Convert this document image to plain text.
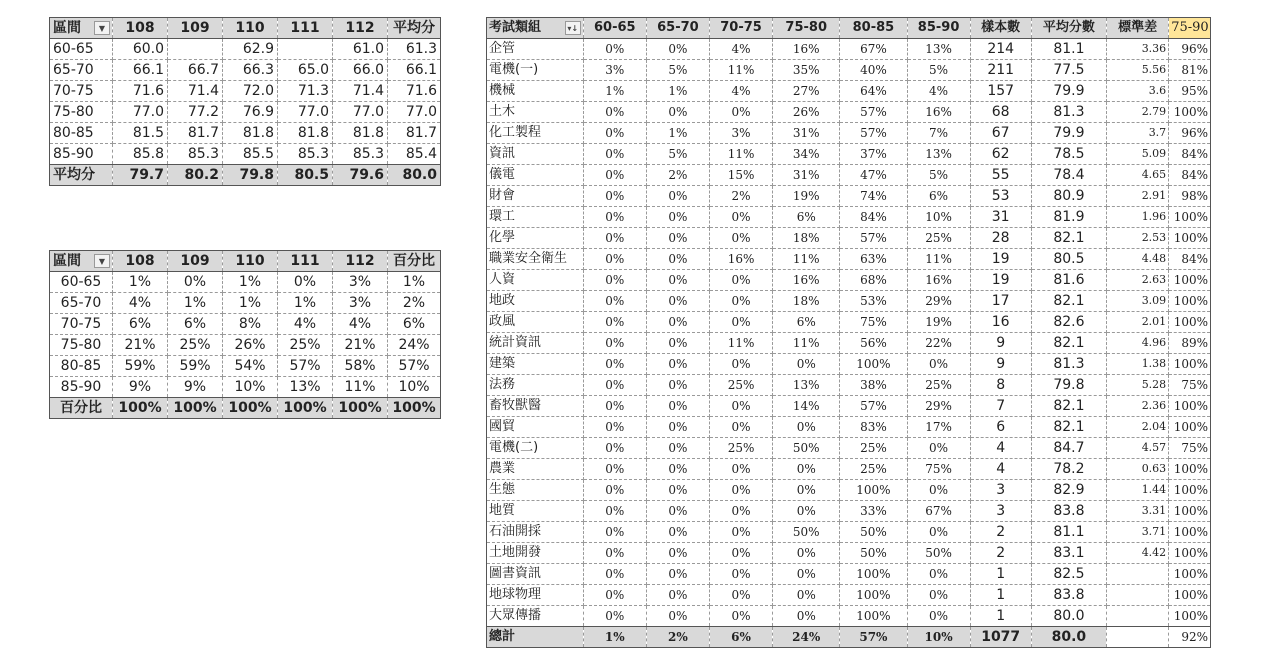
區間 ▼	108	109	110	111	112	平均分
60-65	60.0		62.9		61.0	61.3
65-70	66.1	66.7	66.3	65.0	66.0	66.1
70-75	71.6	71.4	72.0	71.3	71.4	71.6
75-80	77.0	77.2	76.9	77.0	77.0	77.0
80-85	81.5	81.7	81.8	81.8	81.8	81.7
85-90	85.8	85.3	85.5	85.3	85.3	85.4
平均分	79.7	80.2	79.8	80.5	79.6	80.0
區間 ▼	108	109	110	111	112	百分比
60-65	1%	0%	1%	0%	3%	1%
65-70	4%	1%	1%	1%	3%	2%
70-75	6%	6%	8%	4%	4%	6%
75-80	21%	25%	26%	25%	21%	24%
80-85	59%	59%	54%	57%	58%	57%
85-90	9%	9%	10%	13%	11%	10%
百分比	100%	100%	100%	100%	100%	100%
考試類組 ▾↓	60-65	65-70	70-75	75-80	80-85	85-90	樣本數	平均分數	標準差	75-90
企管	0%	0%	4%	16%	67%	13%	214	81.1	3.36	96%
電機(一)	3%	5%	11%	35%	40%	5%	211	77.5	5.56	81%
機械	1%	1%	4%	27%	64%	4%	157	79.9	3.6	95%
土木	0%	0%	0%	26%	57%	16%	68	81.3	2.79	100%
化工製程	0%	1%	3%	31%	57%	7%	67	79.9	3.7	96%
資訊	0%	5%	11%	34%	37%	13%	62	78.5	5.09	84%
儀電	0%	2%	15%	31%	47%	5%	55	78.4	4.65	84%
財會	0%	0%	2%	19%	74%	6%	53	80.9	2.91	98%
環工	0%	0%	0%	6%	84%	10%	31	81.9	1.96	100%
化學	0%	0%	0%	18%	57%	25%	28	82.1	2.53	100%
職業安全衛生	0%	0%	16%	11%	63%	11%	19	80.5	4.48	84%
人資	0%	0%	0%	16%	68%	16%	19	81.6	2.63	100%
地政	0%	0%	0%	18%	53%	29%	17	82.1	3.09	100%
政風	0%	0%	0%	6%	75%	19%	16	82.6	2.01	100%
統計資訊	0%	0%	11%	11%	56%	22%	9	82.1	4.96	89%
建築	0%	0%	0%	0%	100%	0%	9	81.3	1.38	100%
法務	0%	0%	25%	13%	38%	25%	8	79.8	5.28	75%
畜牧獸醫	0%	0%	0%	14%	57%	29%	7	82.1	2.36	100%
國貿	0%	0%	0%	0%	83%	17%	6	82.1	2.04	100%
電機(二)	0%	0%	25%	50%	25%	0%	4	84.7	4.57	75%
農業	0%	0%	0%	0%	25%	75%	4	78.2	0.63	100%
生態	0%	0%	0%	0%	100%	0%	3	82.9	1.44	100%
地質	0%	0%	0%	0%	33%	67%	3	83.8	3.31	100%
石油開採	0%	0%	0%	50%	50%	0%	2	81.1	3.71	100%
土地開發	0%	0%	0%	0%	50%	50%	2	83.1	4.42	100%
圖書資訊	0%	0%	0%	0%	100%	0%	1	82.5		100%
地球物理	0%	0%	0%	0%	100%	0%	1	83.8		100%
大眾傳播	0%	0%	0%	0%	100%	0%	1	80.0		100%
總計	1%	2%	6%	24%	57%	10%	1077	80.0		92%
